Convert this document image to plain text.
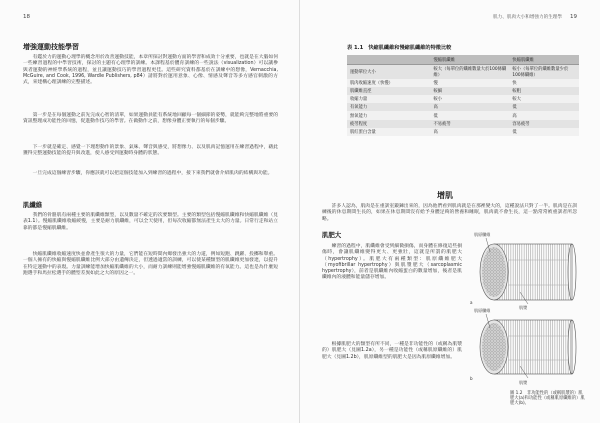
18
增強運動技能學習

有鑑於力的運動心理學的概念用於改善運動技能，本章所探討對運動方面的學習和成效十分重要，也就是在大腦如何一些練習過程的中學習技術，探討的主題有心理學的訓練。本課程基於體育訓練的一些說法（visualization）可以讓參與者運動的神經學系統的過程，並且讓運動技巧的學習過程更佳。這些研究資料都基於在訓練中的想像，Vernacchia, McGuire, and Cook, 1996, Wardle Publishers, p84）請將對於運用意象、心像、情感及聲音等多方感官刺激的方式，來建構心理訓練的完整描述。

第一步是在每個運動之前先完成心智的清單，如果運動員能有系統地回顧每一個細節的姿勢，就能夠完整地將重要的資訊整理成功能性的回憶，促進動作技巧的學習。在做動作之前，想像身體正要執行的每個步驟。

下一步就是確定、感覺一下理想動作的景象、氣味、聲音與感受，將想像力、以及肌肉記憶運用在練習過程中，藉此獲得完整運動技能的提升與改進，使人感受到運動時身體的狀態。

一旦完成這個練習步驟，你應該就可以把這個技能加入到練習的過程中，接下來我們就會介紹肌肉的結構與功能。

肌纖維

我們的骨骼肌有兩種主要的肌纖維類型，以及數量不確定的次要類型。主要的類型包括慢縮肌纖維和快縮肌纖維（見表1.1）。慢縮肌纖維收縮緩慢，主要是耐力肌纖維，可以全天使用，但每次收縮都無法產生太大的力量。日常行走和站立靠的都是慢縮肌纖維。

快縮肌纖維收縮速度快並會產生很大的力量，它們能在短時間內爆發出強大的力道，例如短跑、跳躍、投擲和舉重。一個人擁有的快縮與慢縮肌纖維比例大部分由遺傳決定，但透過適當的訓練，可以使某種類型的肌纖維更加發達，以提升在特定運動中的表現。力量訓練能增加快縮肌纖維的大小，而耐力訓練則能增強慢縮肌纖維的有氧能力。這也是為什麼短跑選手和馬拉松選手的體型差異如此之大的原因之一。

肌力、肌肉大小和增強力的生理學 19
表 1.1　快縮肌纖維和慢縮肌纖維的特徵比較
	慢縮肌纖維	快縮肌纖維
運動單位大小	較大（每單位的纖維數量大於100條纖維）	較小（每單位的纖維數量少於100條纖維）
肌肉收縮速度（快慢）	慢	快
肌纖維直徑	較細	較粗
收縮力量	較小	較大
有氧能力	高	低
無氧能力	低	高
疲勞程度	不易疲勞	容易疲勞
肌紅蛋白含量	高	低
增肌

許多人認為，肌肉是在重訓室鍛鍊出來的，因為他們看到肌肉就是在那裡變大的，這種說法只對了一半。肌肉是在訓練後的休息期間生長的，如果在休息期間沒有給予身體足夠的營養和睡眠，肌肉就不會生長，這一點常常被重訓者所忽略。

肌肥大

練習的過程中，肌纖維會受到細微損傷，而身體在修復這些損傷時，會讓肌纖維變得更大、更強壯，這就是所謂的肌肥大（hypertrophy）。肌肥大有兩種類型：肌原纖維肥大（myofibrillar hypertrophy）與肌漿肥大（sarcoplasmic hypertrophy），前者是肌纖維內收縮蛋白的數量增加，後者是肌纖維內的液體和能量儲存增加。

根據肌肥大的類型有所不同，一種是非功能性的（或稱為肌漿的）肌肥大（見圖1.2a），另一種是功能性（或稱肌原纖維的）肌肥大（見圖1.2b），肌原纖維型的肌肥大是因為肌原纖維增加。

肌原纖維
肌漿
a
肌原纖維
肌漿
b
圖 1.2　非功能性的（或稱肌漿的）肌肥大(a)和功能性（或稱肌原纖維的）肌肥大(b)。
